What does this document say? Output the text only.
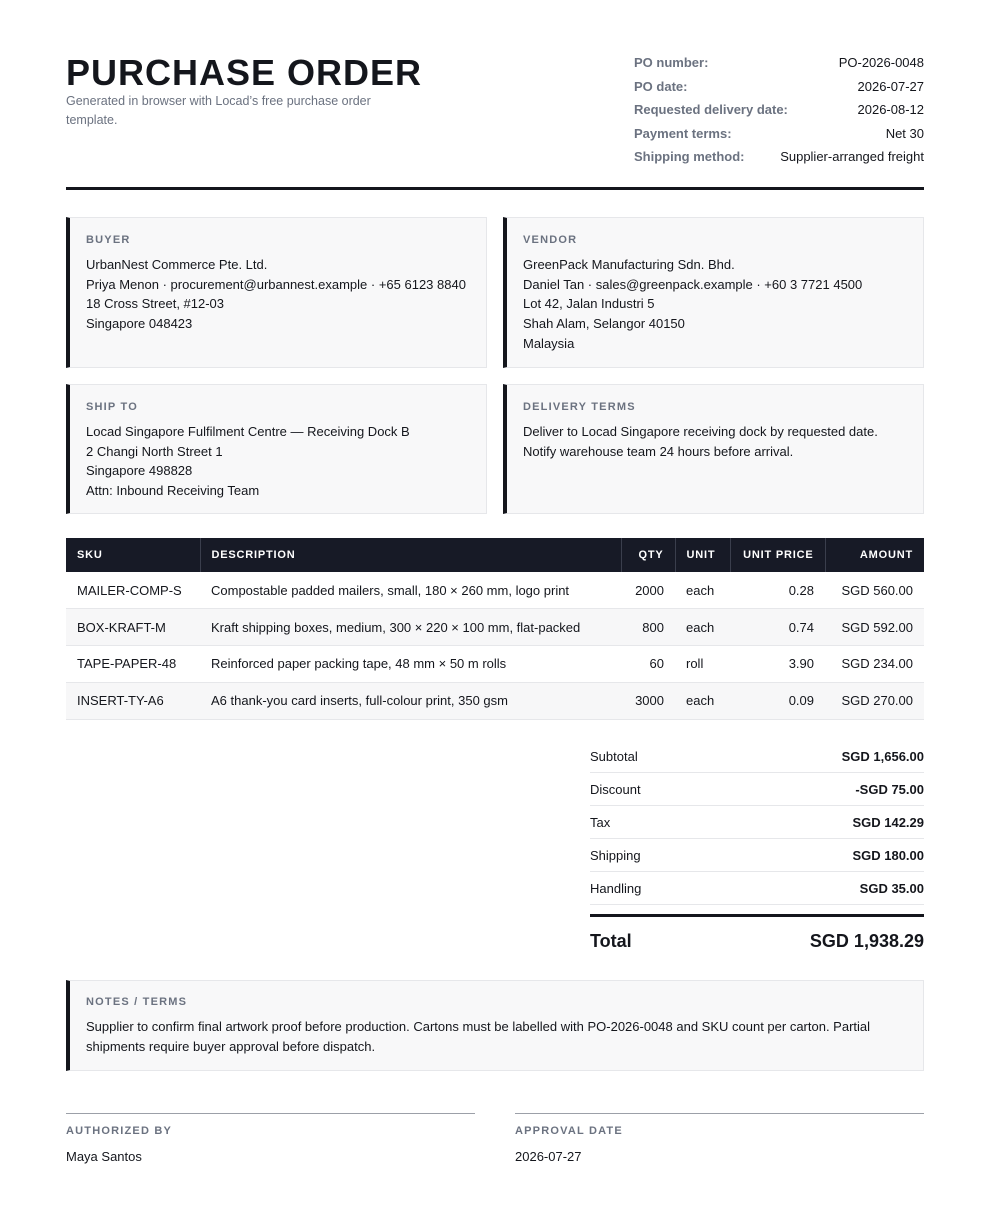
PURCHASE ORDER
Generated in browser with Locad’s free purchase order template.
PO number:	PO-2026-0048
PO date:	2026-07-27
Requested delivery date:	2026-08-12
Payment terms:	Net 30
Shipping method:	Supplier-arranged freight
BUYER
UrbanNest Commerce Pte. Ltd.
Priya Menon · procurement@urbannest.example · +65 6123 8840
18 Cross Street, #12-03
Singapore 048423
VENDOR
GreenPack Manufacturing Sdn. Bhd.
Daniel Tan · sales@greenpack.example · +60 3 7721 4500
Lot 42, Jalan Industri 5
Shah Alam, Selangor 40150
Malaysia
SHIP TO
Locad Singapore Fulfilment Centre — Receiving Dock B
2 Changi North Street 1
Singapore 498828
Attn: Inbound Receiving Team
DELIVERY TERMS
Deliver to Locad Singapore receiving dock by requested date.
Notify warehouse team 24 hours before arrival.
SKU	DESCRIPTION	QTY	UNIT	UNIT PRICE	AMOUNT
MAILER-COMP-S	Compostable padded mailers, small, 180 × 260 mm, logo print	2000	each	0.28	SGD 560.00
BOX-KRAFT-M	Kraft shipping boxes, medium, 300 × 220 × 100 mm, flat-packed	800	each	0.74	SGD 592.00
TAPE-PAPER-48	Reinforced paper packing tape, 48 mm × 50 m rolls	60	roll	3.90	SGD 234.00
INSERT-TY-A6	A6 thank-you card inserts, full-colour print, 350 gsm	3000	each	0.09	SGD 270.00
Subtotal	SGD 1,656.00
Discount	-SGD 75.00
Tax	SGD 142.29
Shipping	SGD 180.00
Handling	SGD 35.00
Total	SGD 1,938.29
NOTES / TERMS
Supplier to confirm final artwork proof before production. Cartons must be labelled with PO-2026-0048 and SKU count per carton. Partial shipments require buyer approval before dispatch.
AUTHORIZED BY
Maya Santos
APPROVAL DATE
2026-07-27
